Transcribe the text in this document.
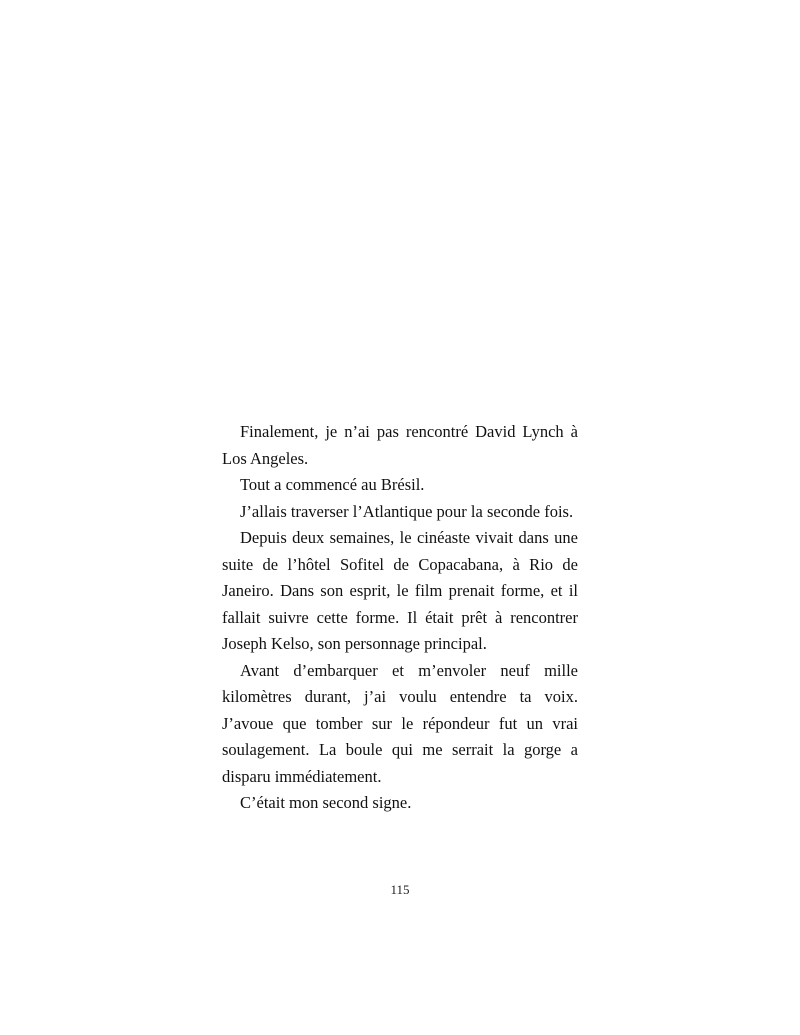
Finalement, je n’ai pas rencontré David Lynch à Los Angeles.

Tout a commencé au Brésil.

J’allais traverser l’Atlantique pour la seconde fois.

Depuis deux semaines, le cinéaste vivait dans une suite de l’hôtel Sofitel de Copacabana, à Rio de Janeiro. Dans son esprit, le film prenait forme, et il fallait suivre cette forme. Il était prêt à rencontrer Joseph Kelso, son personnage principal.

Avant d’embarquer et m’envoler neuf mille kilomètres durant, j’ai voulu entendre ta voix. J’avoue que tomber sur le répondeur fut un vrai soulagement. La boule qui me serrait la gorge a disparu immédiatement.

C’était mon second signe.

115
